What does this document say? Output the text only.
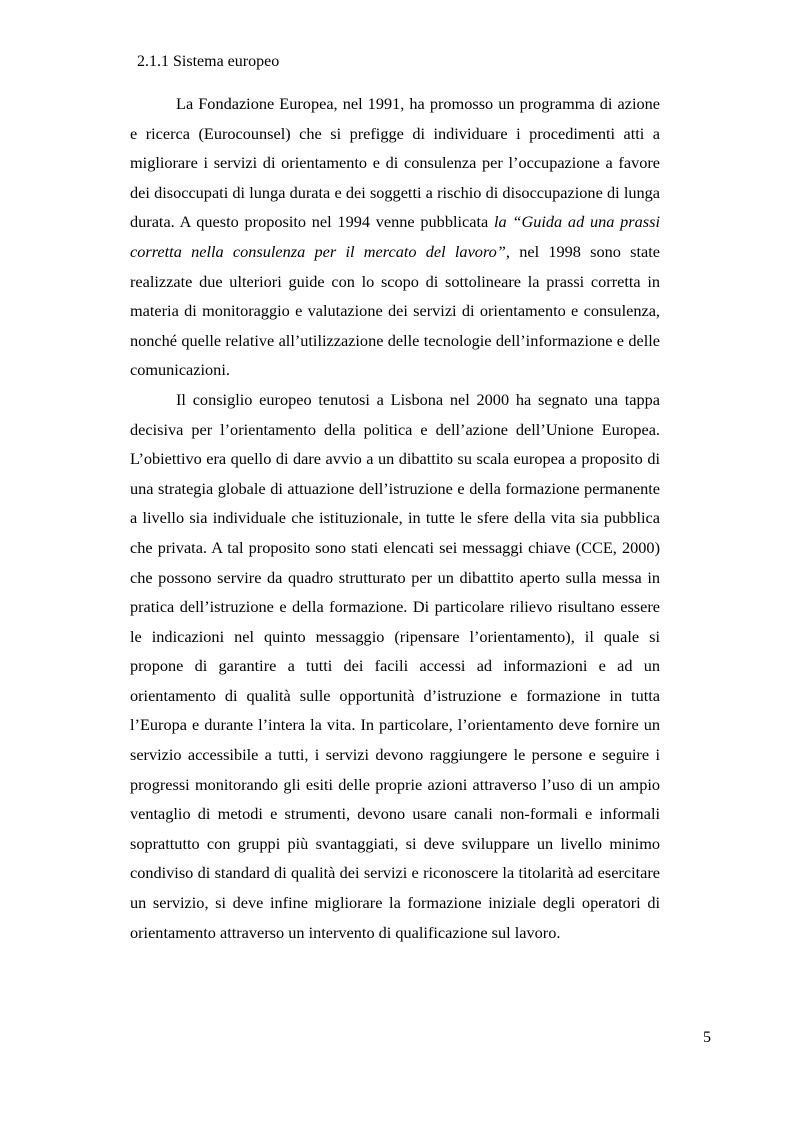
2.1.1 Sistema europeo

La Fondazione Europea, nel 1991, ha promosso un programma di azione e ricerca (Eurocounsel) che si prefigge di individuare i procedimenti atti a migliorare i servizi di orientamento e di consulenza per l’occupazione a favore dei disoccupati di lunga durata e dei soggetti a rischio di disoccupazione di lunga durata. A questo proposito nel 1994 venne pubblicata la “Guida ad una prassi corretta nella consulenza per il mercato del lavoro”, nel 1998 sono state realizzate due ulteriori guide con lo scopo di sottolineare la prassi corretta in materia di monitoraggio e valutazione dei servizi di orientamento e consulenza, nonché quelle relative all’utilizzazione delle tecnologie dell’informazione e delle comunicazioni.

Il consiglio europeo tenutosi a Lisbona nel 2000 ha segnato una tappa decisiva per l’orientamento della politica e dell’azione dell’Unione Europea. L’obiettivo era quello di dare avvio a un dibattito su scala europea a proposito di una strategia globale di attuazione dell’istruzione e della formazione permanente a livello sia individuale che istituzionale, in tutte le sfere della vita sia pubblica che privata. A tal proposito sono stati elencati sei messaggi chiave (CCE, 2000) che possono servire da quadro strutturato per un dibattito aperto sulla messa in pratica dell’istruzione e della formazione. Di particolare rilievo risultano essere le indicazioni nel quinto messaggio (ripensare l’orientamento), il quale si propone di garantire a tutti dei facili accessi ad informazioni e ad un orientamento di qualità sulle opportunità d’istruzione e formazione in tutta l’Europa e durante l’intera la vita. In particolare, l’orientamento deve fornire un servizio accessibile a tutti, i servizi devono raggiungere le persone e seguire i progressi monitorando gli esiti delle proprie azioni attraverso l’uso di un ampio ventaglio di metodi e strumenti, devono usare canali non-formali e informali soprattutto con gruppi più svantaggiati, si deve sviluppare un livello minimo condiviso di standard di qualità dei servizi e riconoscere la titolarità ad esercitare un servizio, si deve infine migliorare la formazione iniziale degli operatori di orientamento attraverso un intervento di qualificazione sul lavoro.

5
